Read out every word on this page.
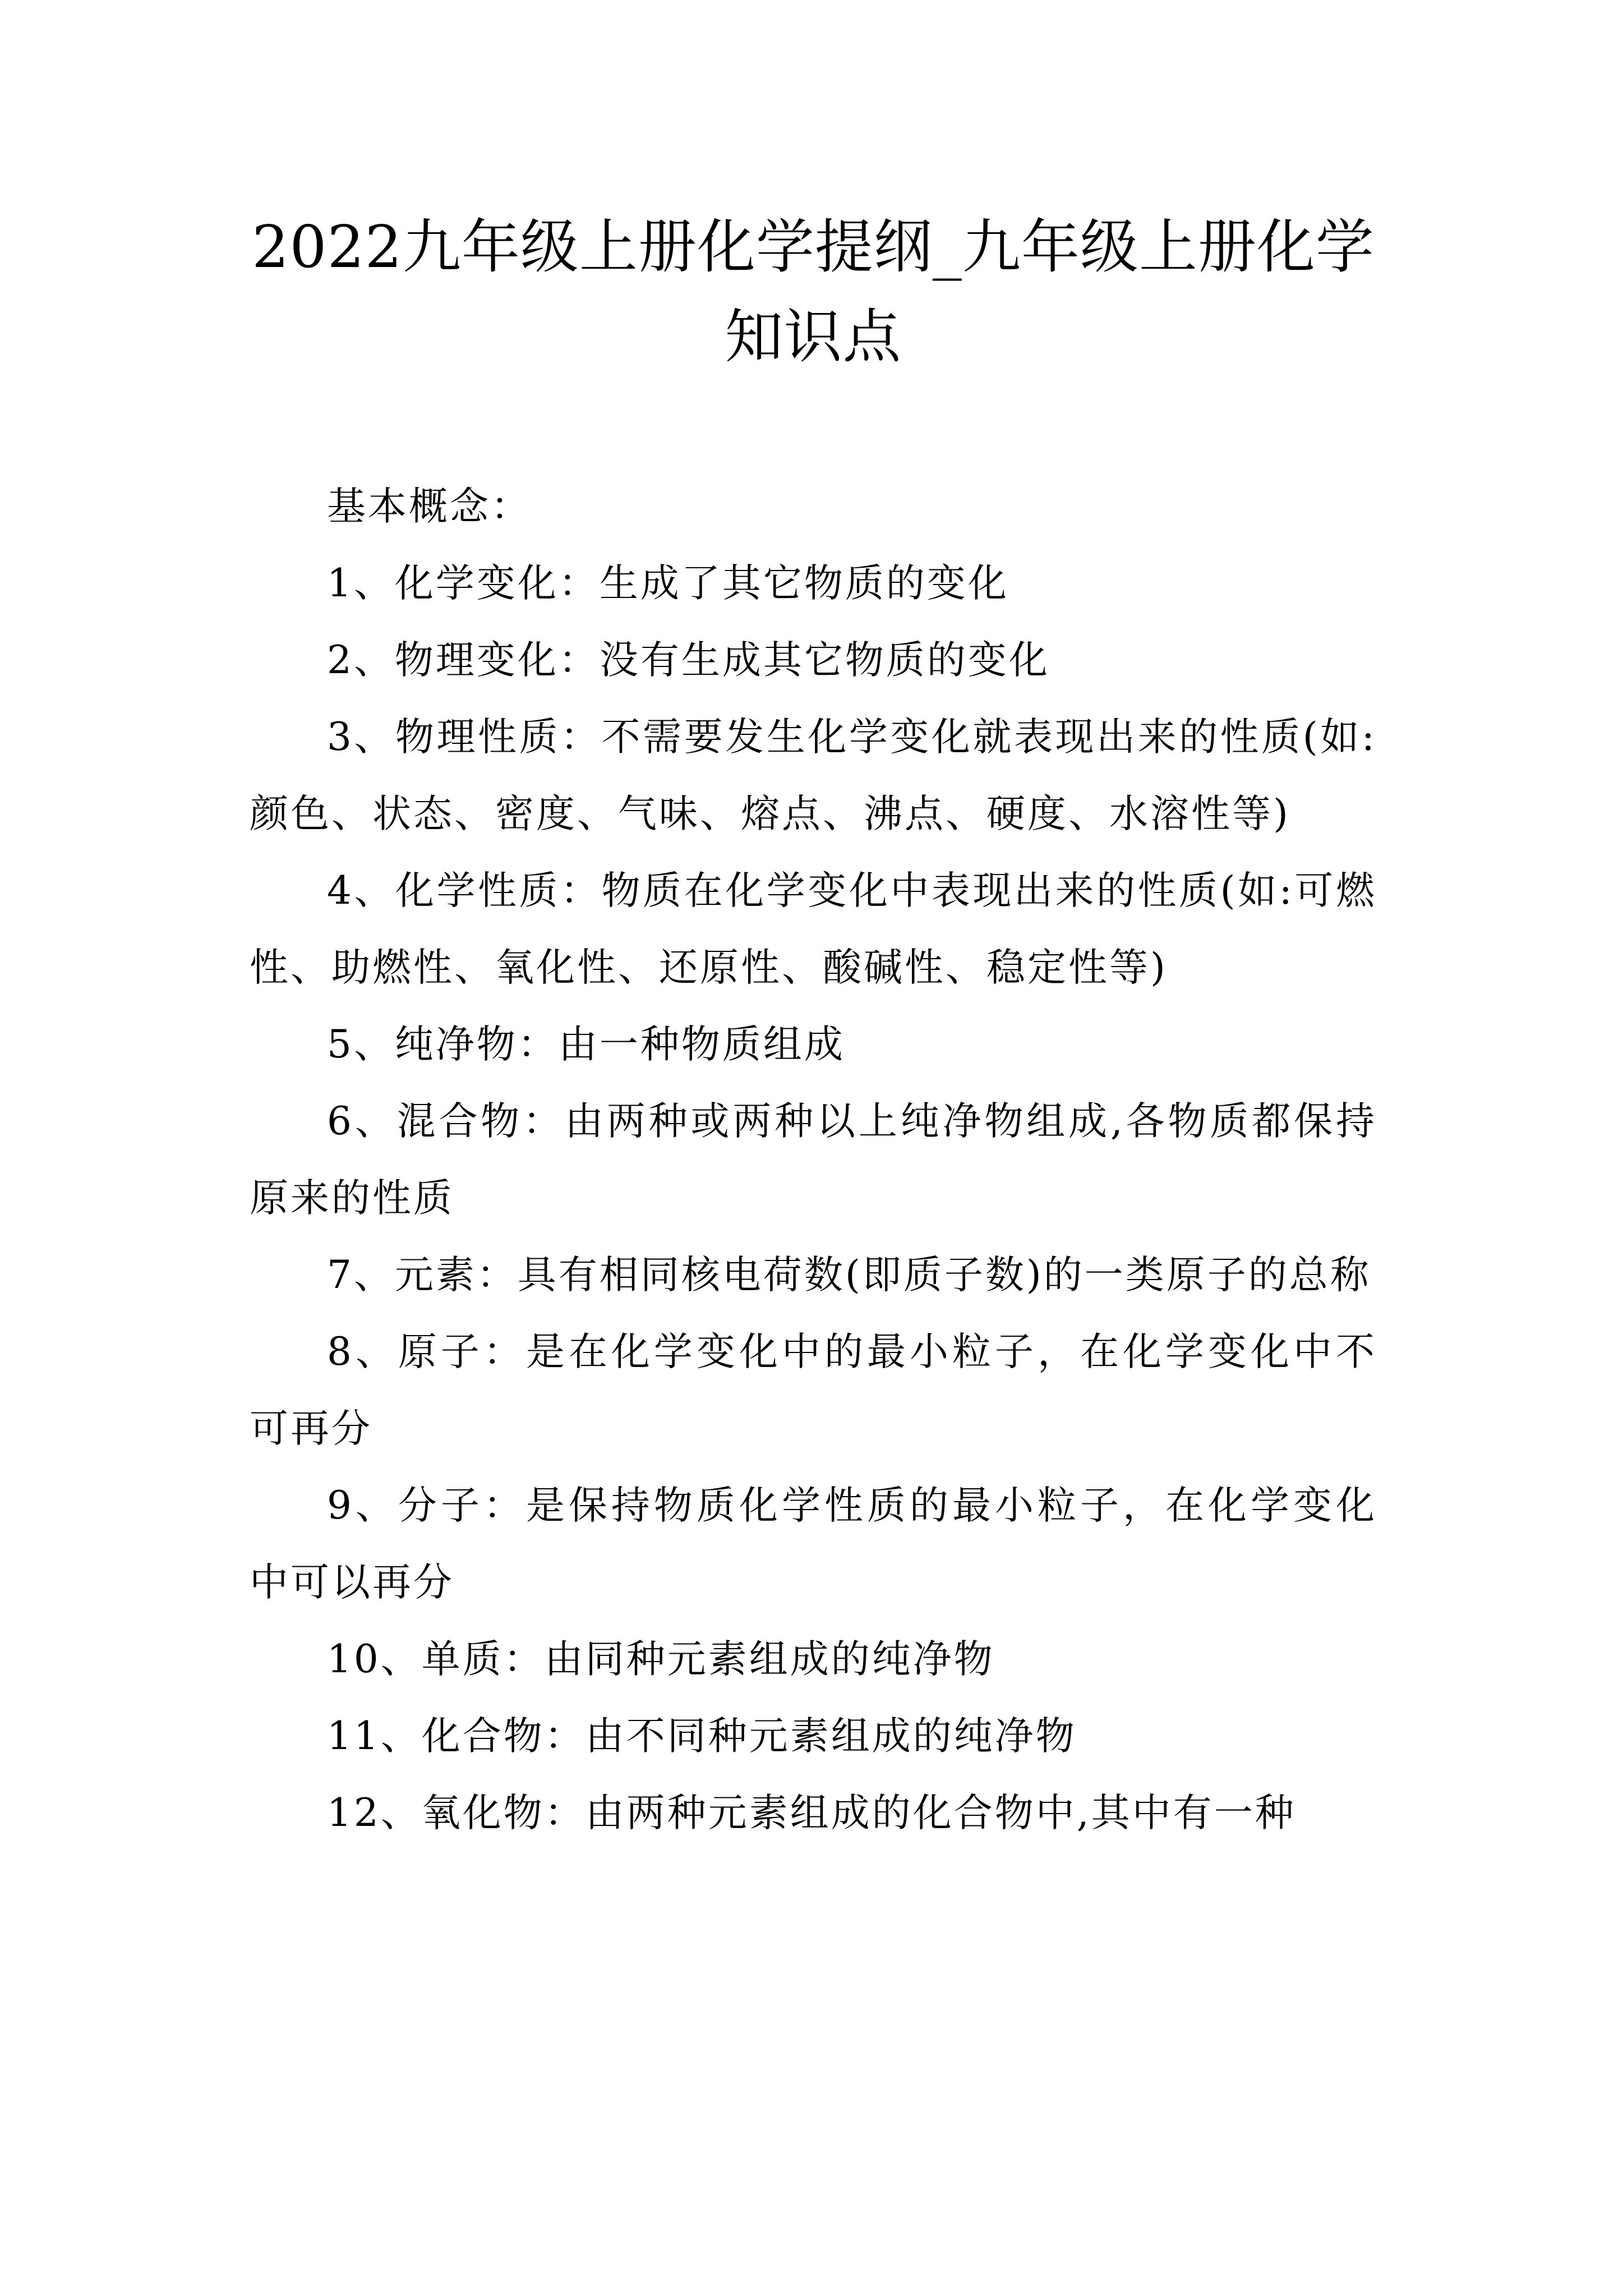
2022九年级上册化学提纲_九年级上册化学知识点

基本概念：

1、化学变化：生成了其它物质的变化

2、物理变化：没有生成其它物质的变化

3、物理性质：不需要发生化学变化就表现出来的性质(如:颜色、状态、密度、气味、熔点、沸点、硬度、水溶性等)

4、化学性质：物质在化学变化中表现出来的性质(如:可燃性、助燃性、氧化性、还原性、酸碱性、稳定性等)

5、纯净物：由一种物质组成

6、混合物：由两种或两种以上纯净物组成,各物质都保持原来的性质

7、元素：具有相同核电荷数(即质子数)的一类原子的总称

8、原子：是在化学变化中的最小粒子，在化学变化中不可再分

9、分子：是保持物质化学性质的最小粒子，在化学变化中可以再分

10、单质：由同种元素组成的纯净物

11、化合物：由不同种元素组成的纯净物

12、氧化物：由两种元素组成的化合物中,其中有一种
